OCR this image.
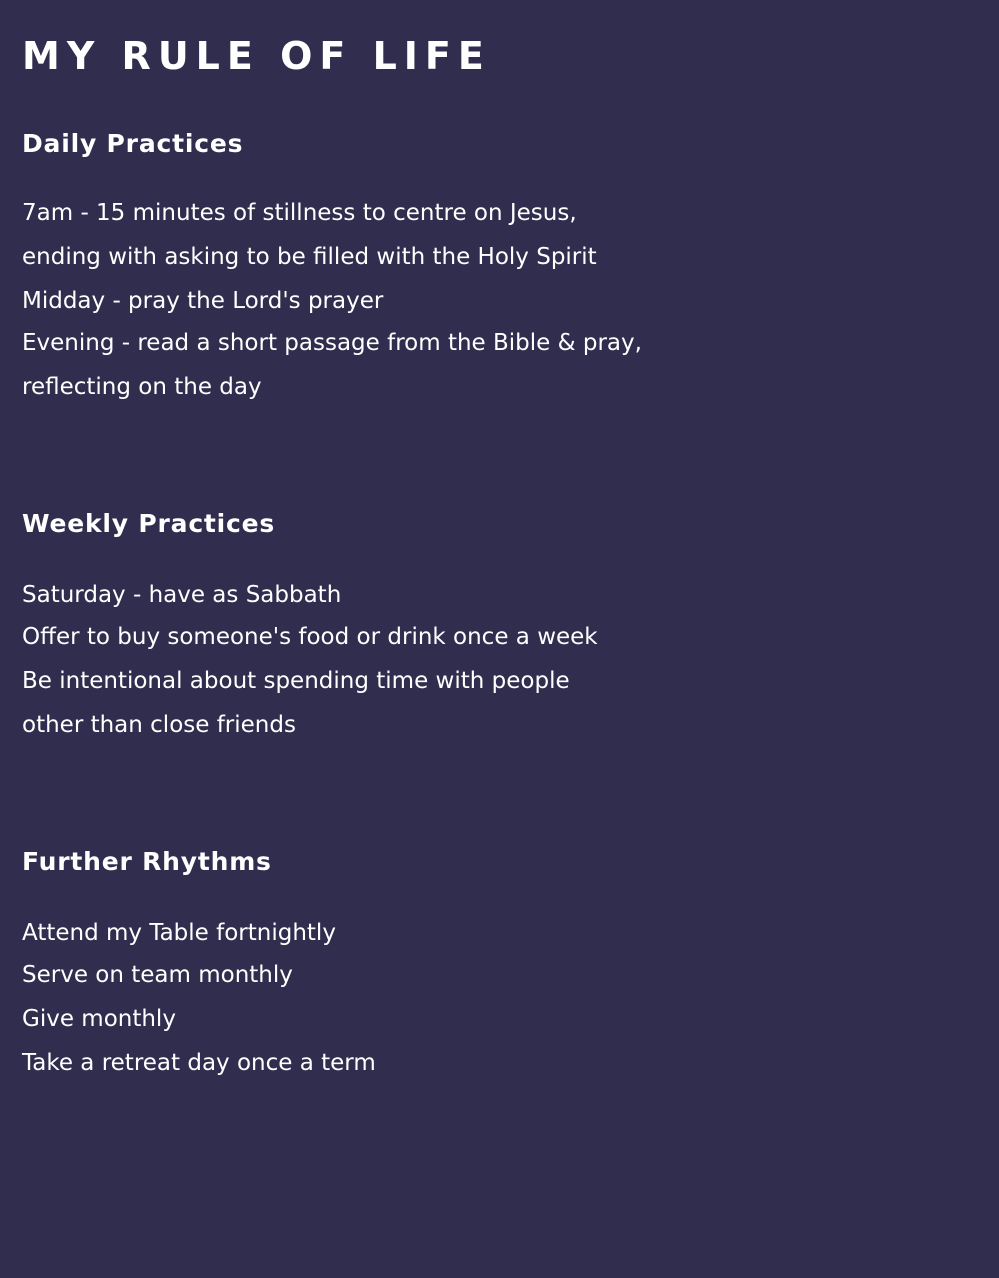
MY RULE OF LIFE
Daily Practices

7am - 15 minutes of stillness to centre on Jesus,

ending with asking to be filled with the Holy Spirit

Midday - pray the Lord's prayer

Evening - read a short passage from the Bible & pray,

reflecting on the day

Weekly Practices

Saturday - have as Sabbath

Offer to buy someone's food or drink once a week

Be intentional about spending time with people

other than close friends

Further Rhythms

Attend my Table fortnightly

Serve on team monthly

Give monthly

Take a retreat day once a term
